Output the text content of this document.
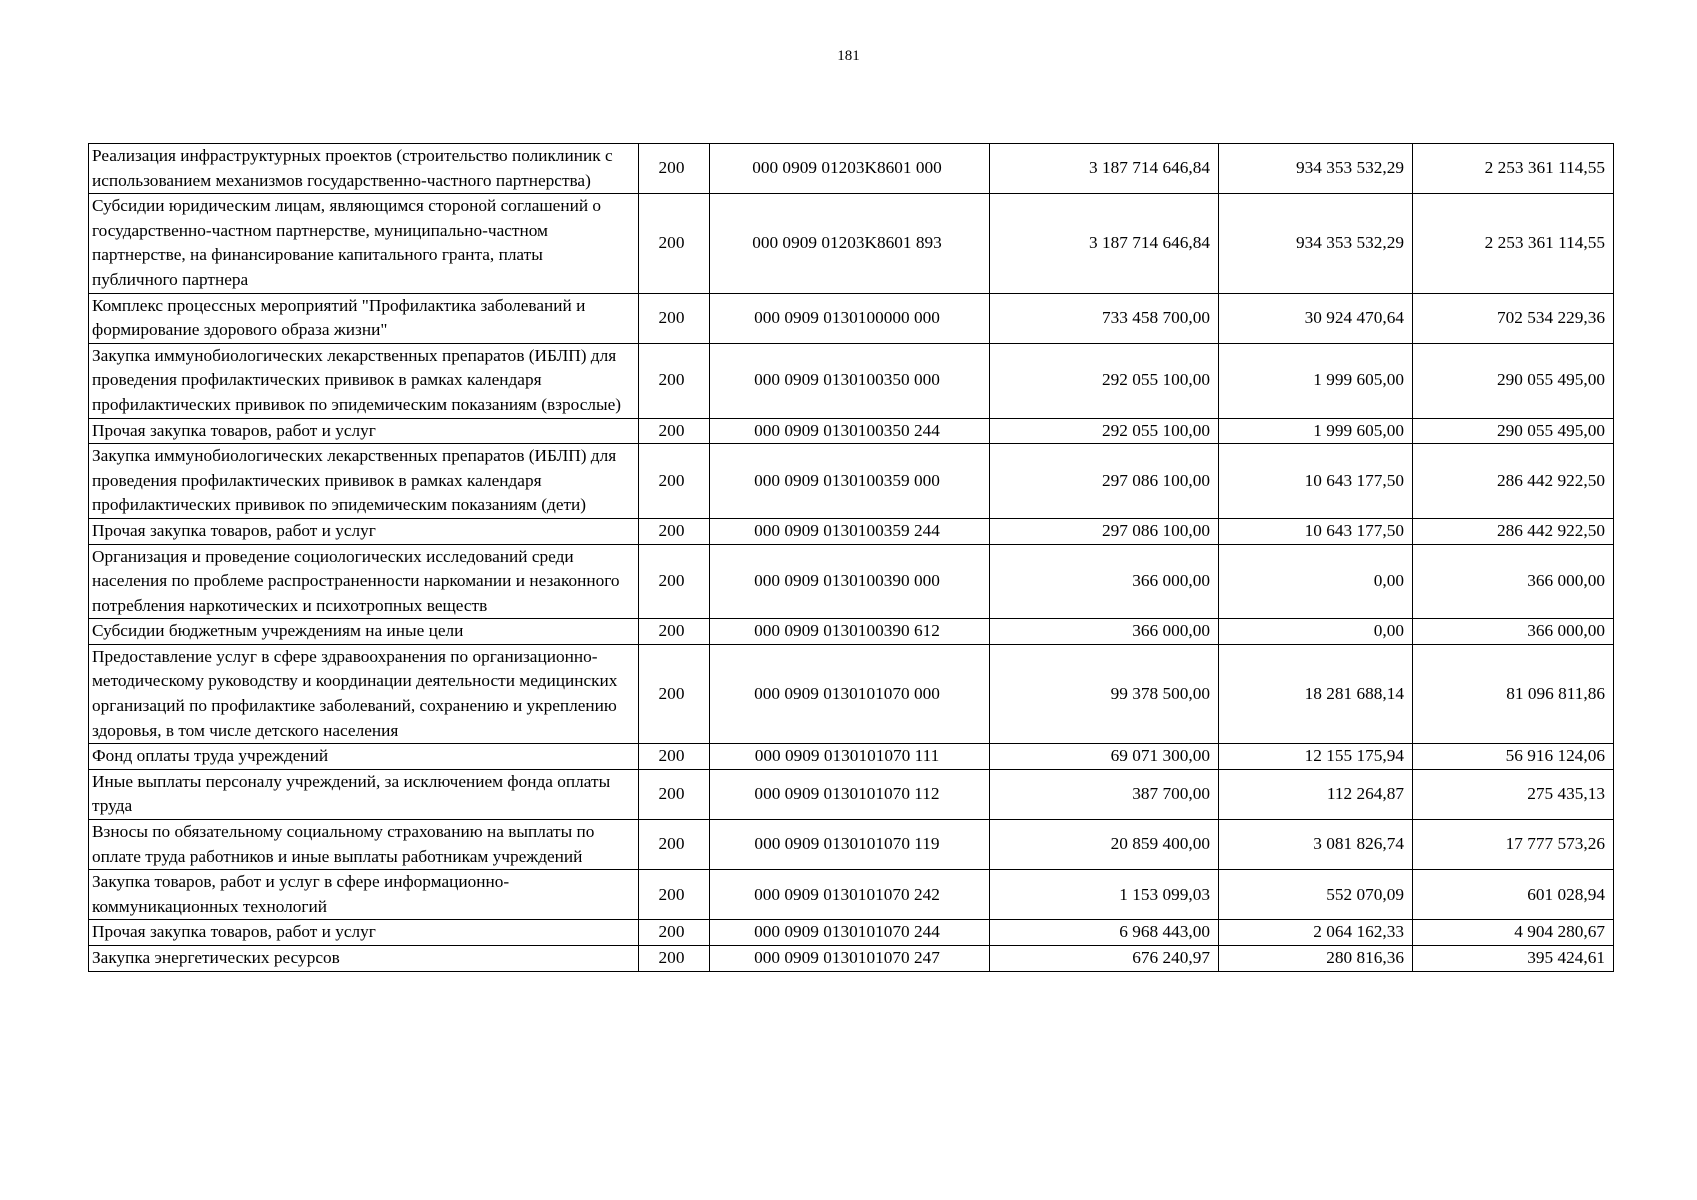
181
Реализация инфраструктурных проектов (строительство поликлиник с использованием механизмов государственно-частного партнерства)	200	000 0909 01203K8601 000	3 187 714 646,84	934 353 532,29	2 253 361 114,55
Субсидии юридическим лицам, являющимся стороной соглашений о государственно-частном партнерстве, муниципально-частном партнерстве, на финансирование капитального гранта, платы публичного партнера	200	000 0909 01203K8601 893	3 187 714 646,84	934 353 532,29	2 253 361 114,55
Комплекс процессных мероприятий "Профилактика заболеваний и формирование здорового образа жизни"	200	000 0909 0130100000 000	733 458 700,00	30 924 470,64	702 534 229,36
Закупка иммунобиологических лекарственных препаратов (ИБЛП) для проведения профилактических прививок в рамках календаря профилактических прививок по эпидемическим показаниям (взрослые)	200	000 0909 0130100350 000	292 055 100,00	1 999 605,00	290 055 495,00
Прочая закупка товаров, работ и услуг	200	000 0909 0130100350 244	292 055 100,00	1 999 605,00	290 055 495,00
Закупка иммунобиологических лекарственных препаратов (ИБЛП) для проведения профилактических прививок в рамках календаря профилактических прививок по эпидемическим показаниям (дети)	200	000 0909 0130100359 000	297 086 100,00	10 643 177,50	286 442 922,50
Прочая закупка товаров, работ и услуг	200	000 0909 0130100359 244	297 086 100,00	10 643 177,50	286 442 922,50
Организация и проведение социологических исследований среди населения по проблеме распространенности наркомании и незаконного потребления наркотических и психотропных веществ	200	000 0909 0130100390 000	366 000,00	0,00	366 000,00
Субсидии бюджетным учреждениям на иные цели	200	000 0909 0130100390 612	366 000,00	0,00	366 000,00
Предоставление услуг в сфере здравоохранения по организационно-методическому руководству и координации деятельности медицинских организаций по профилактике заболеваний, сохранению и укреплению здоровья, в том числе детского населения	200	000 0909 0130101070 000	99 378 500,00	18 281 688,14	81 096 811,86
Фонд оплаты труда учреждений	200	000 0909 0130101070 111	69 071 300,00	12 155 175,94	56 916 124,06
Иные выплаты персоналу учреждений, за исключением фонда оплаты труда	200	000 0909 0130101070 112	387 700,00	112 264,87	275 435,13
Взносы по обязательному социальному страхованию на выплаты по оплате труда работников и иные выплаты работникам учреждений	200	000 0909 0130101070 119	20 859 400,00	3 081 826,74	17 777 573,26
Закупка товаров, работ и услуг в сфере информационно-коммуникационных технологий	200	000 0909 0130101070 242	1 153 099,03	552 070,09	601 028,94
Прочая закупка товаров, работ и услуг	200	000 0909 0130101070 244	6 968 443,00	2 064 162,33	4 904 280,67
Закупка энергетических ресурсов	200	000 0909 0130101070 247	676 240,97	280 816,36	395 424,61
